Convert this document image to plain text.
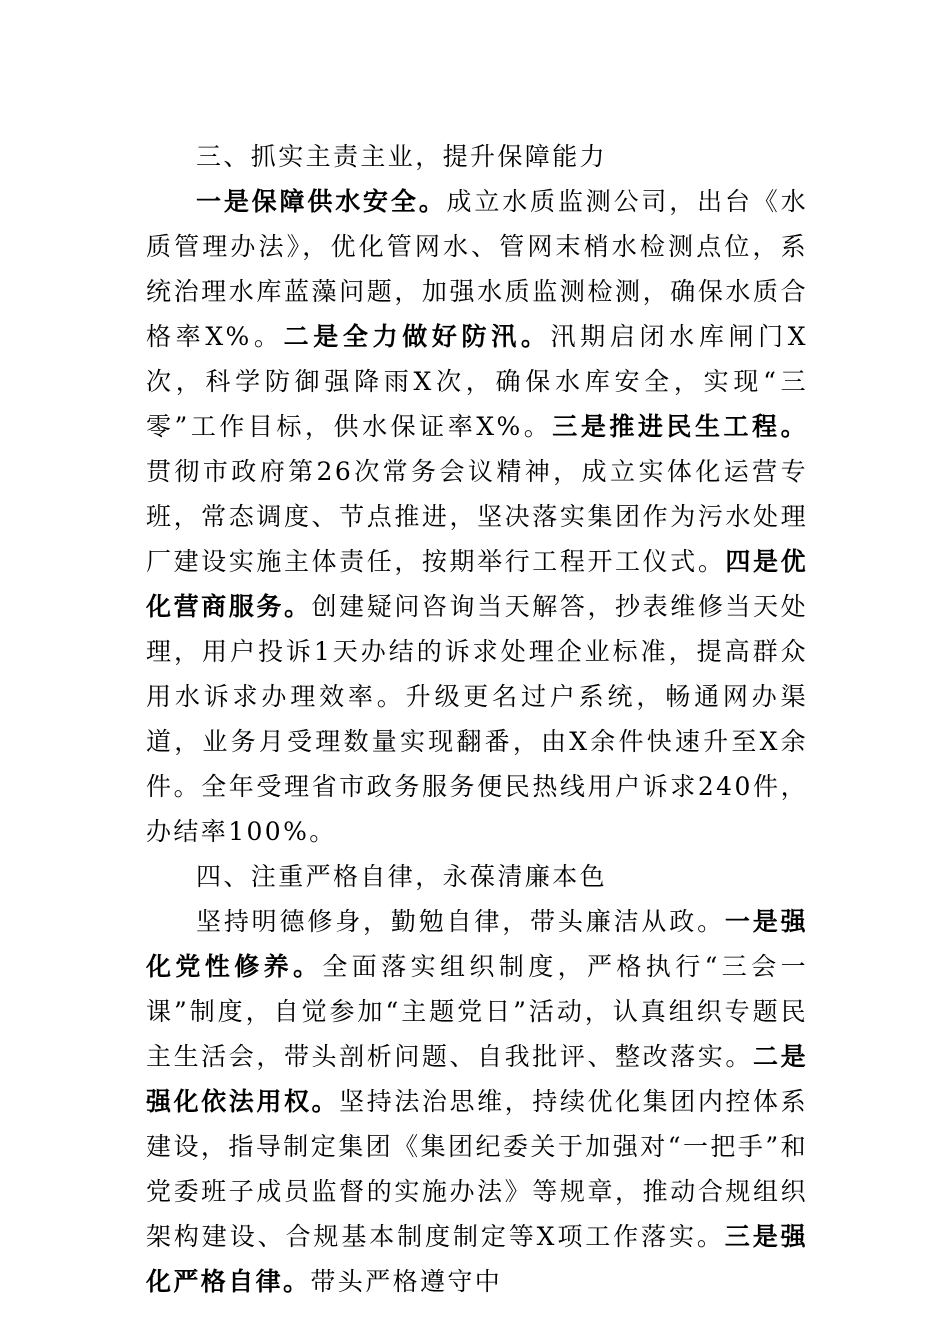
三、抓实主责主业，提升保障能力

一是保障供水安全。成立水质监测公司，出台《水质管理办法》，优化管网水、管网末梢水检测点位，系统治理水库蓝藻问题，加强水质监测检测，确保水质合格率X%。二是全力做好防汛。汛期启闭水库闸门X次，科学防御强降雨X次，确保水库安全，实现“三零”工作目标，供水保证率X%。三是推进民生工程。贯彻市政府第26次常务会议精神，成立实体化运营专班，常态调度、节点推进，坚决落实集团作为污水处理厂建设实施主体责任，按期举行工程开工仪式。四是优化营商服务。创建疑问咨询当天解答，抄表维修当天处理，用户投诉1天办结的诉求处理企业标准，提高群众用水诉求办理效率。升级更名过户系统，畅通网办渠道，业务月受理数量实现翻番，由X余件快速升至X余件。全年受理省市政务服务便民热线用户诉求240件，办结率100%。

四、注重严格自律，永葆清廉本色

坚持明德修身，勤勉自律，带头廉洁从政。一是强化党性修养。全面落实组织制度，严格执行“三会一课”制度，自觉参加“主题党日”活动，认真组织专题民主生活会，带头剖析问题、自我批评、整改落实。二是强化依法用权。坚持法治思维，持续优化集团内控体系建设，指导制定集团《集团纪委关于加强对“一把手”和党委班子成员监督的实施办法》等规章，推动合规组织架构建设、合规基本制度制定等X项工作落实。三是强化严格自律。带头严格遵守中
